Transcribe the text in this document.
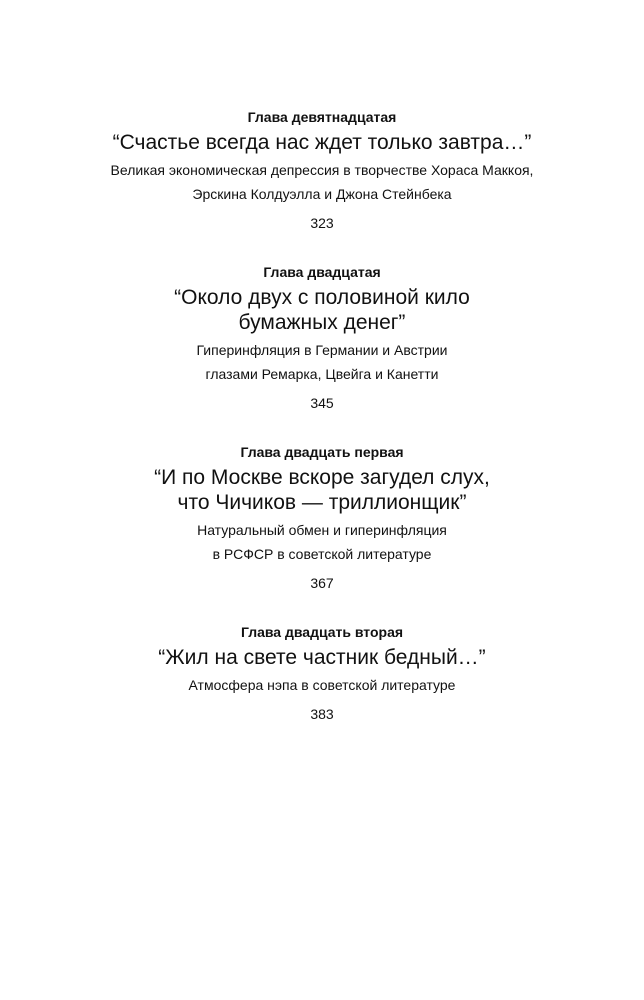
Глава девятнадцатая
“Счастье всегда нас ждет только завтра…”
Великая экономическая депрессия в творчестве Хораса Маккоя,
Эрскина Колдуэлла и Джона Стейнбека
323
Глава двадцатая
“Около двух с половиной кило
бумажных денег”
Гиперинфляция в Германии и Австрии
глазами Ремарка, Цвейга и Канетти
345
Глава двадцать первая
“И по Москве вскоре загудел слух,
что Чичиков — триллионщик”
Натуральный обмен и гиперинфляция
в РСФСР в советской литературе
367
Глава двадцать вторая
“Жил на свете частник бедный…”
Атмосфера нэпа в советской литературе
383
